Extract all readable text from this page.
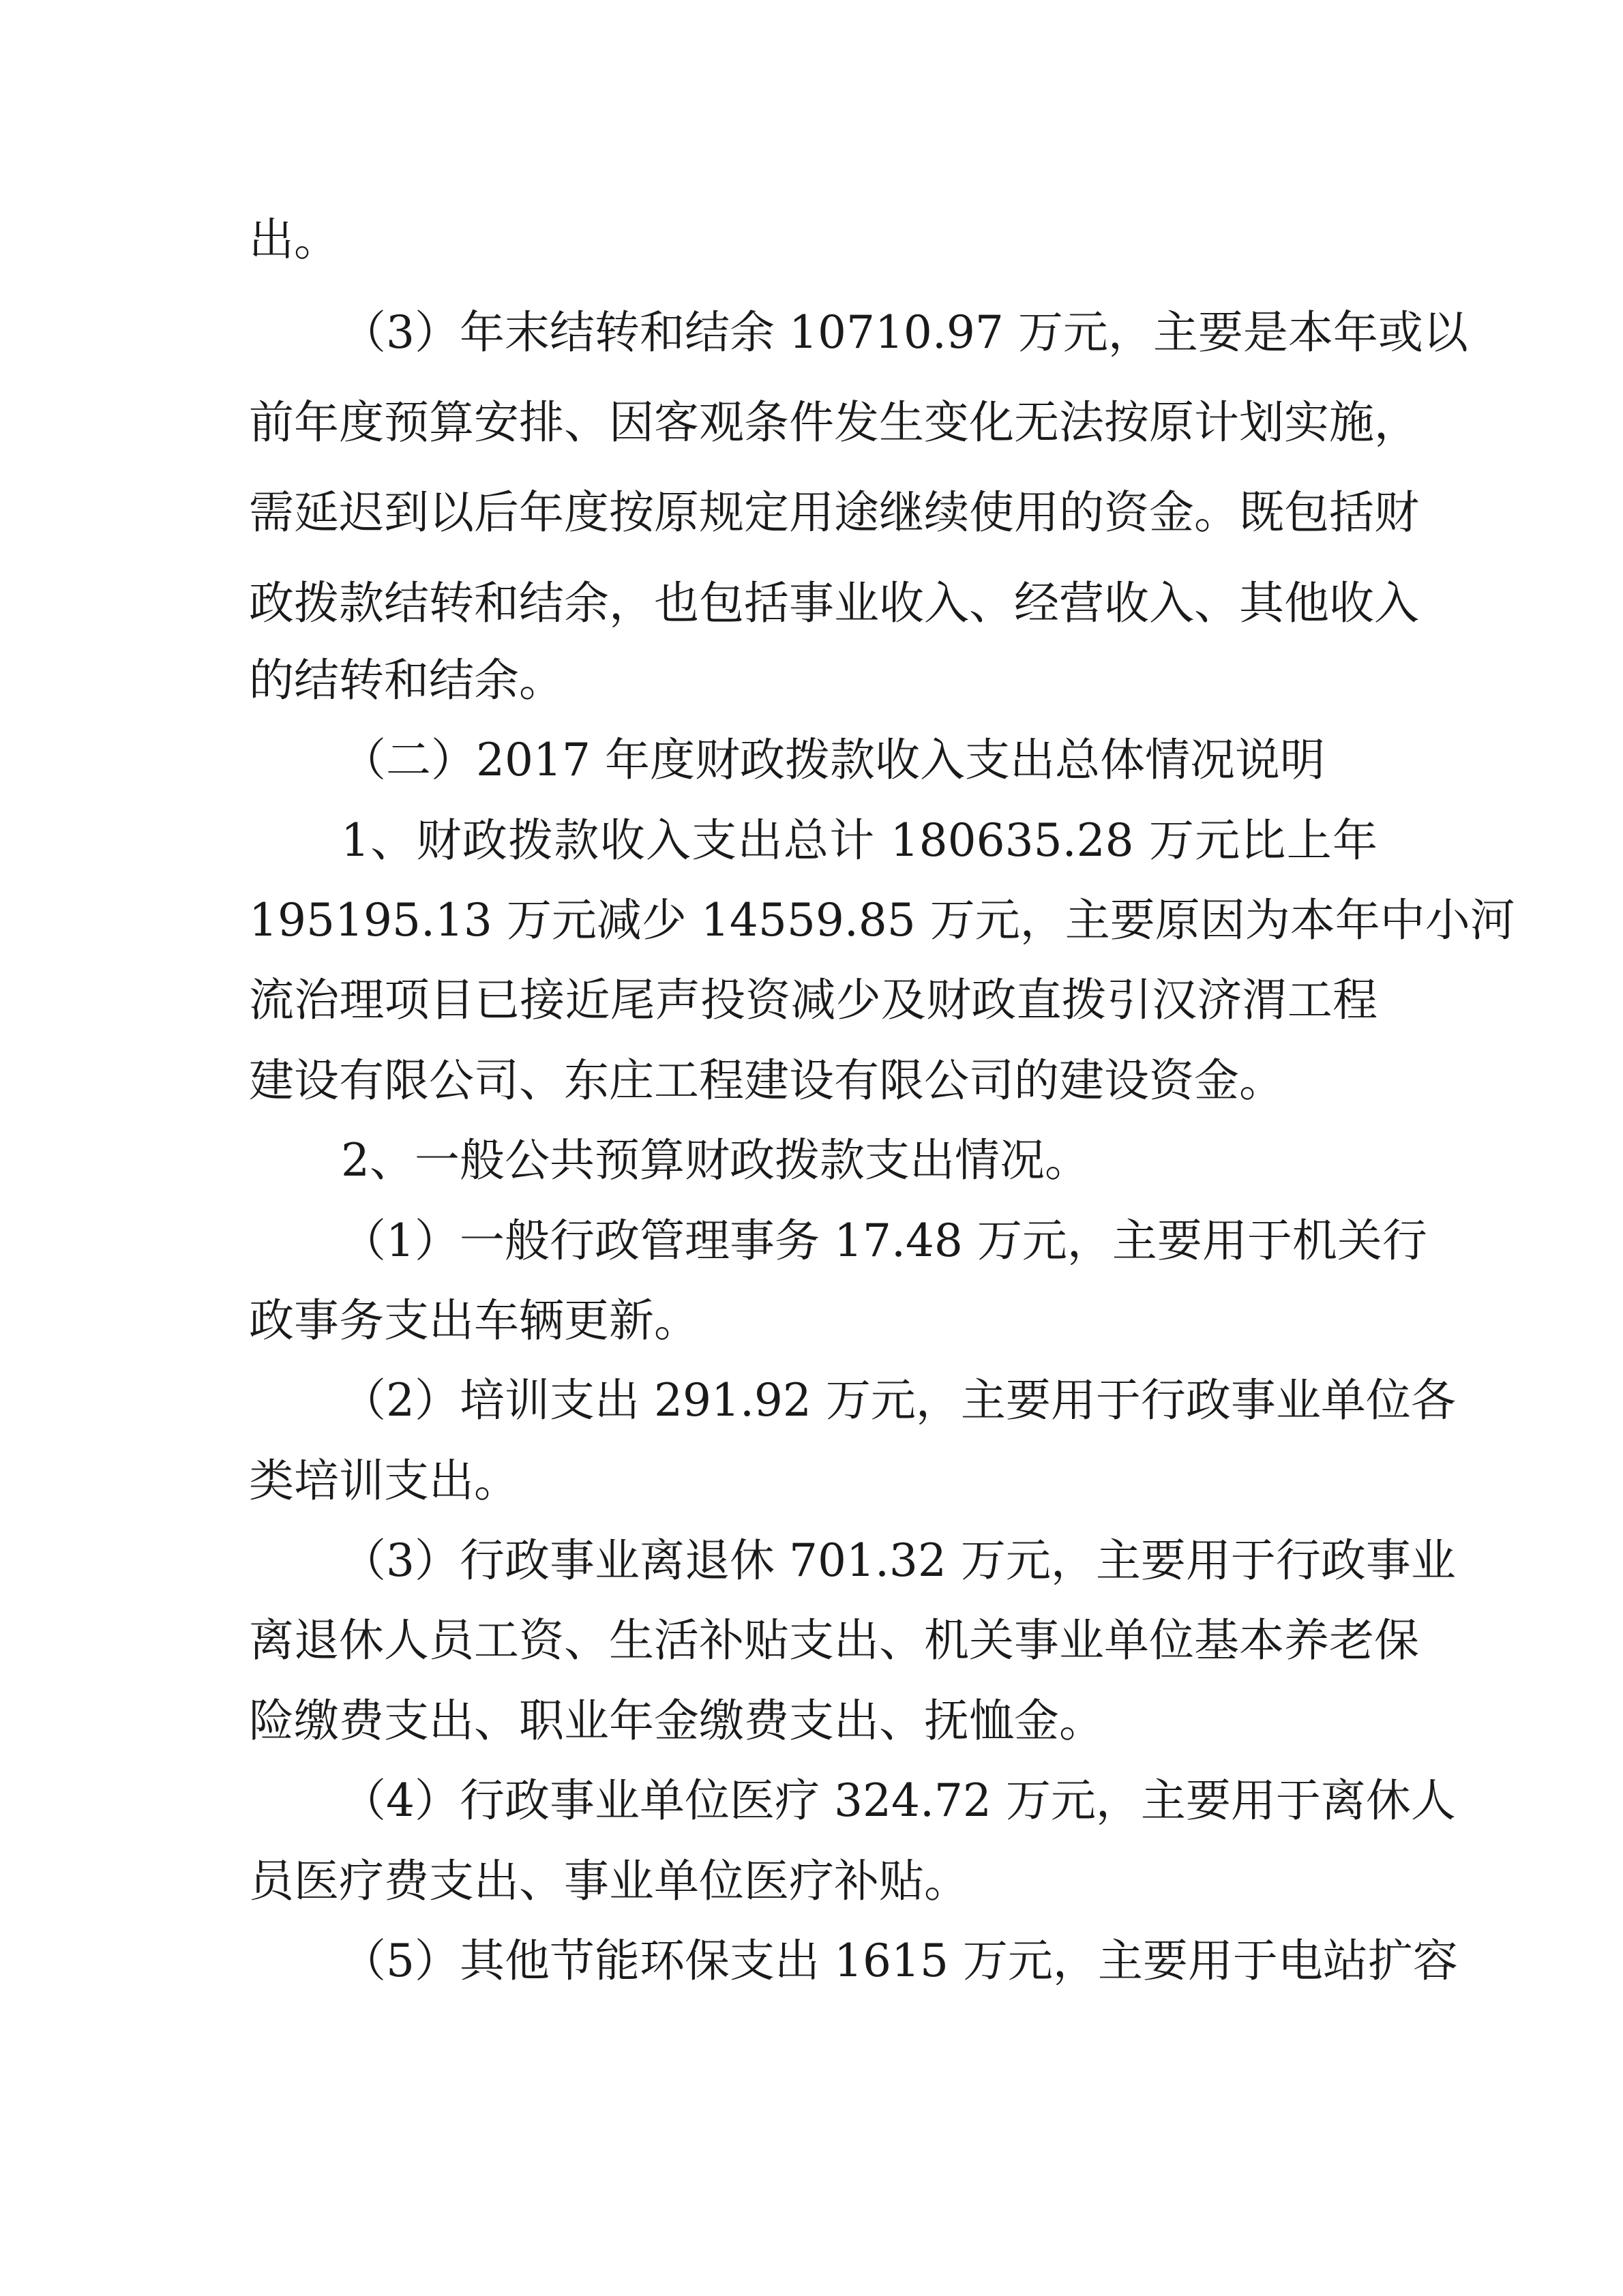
出。

（3）年末结转和结余 10710.97 万元，主要是本年或以

前年度预算安排、因客观条件发生变化无法按原计划实施，

需延迟到以后年度按原规定用途继续使用的资金。既包括财

政拨款结转和结余，也包括事业收入、经营收入、其他收入

的结转和结余。

（二）2017 年度财政拨款收入支出总体情况说明

1、财政拨款收入支出总计 180635.28 万元比上年

195195.13 万元减少 14559.85 万元，主要原因为本年中小河

流治理项目已接近尾声投资减少及财政直拨引汉济渭工程

建设有限公司、东庄工程建设有限公司的建设资金。

2、一般公共预算财政拨款支出情况。

（1）一般行政管理事务 17.48 万元，主要用于机关行

政事务支出车辆更新。

（2）培训支出 291.92 万元，主要用于行政事业单位各

类培训支出。

（3）行政事业离退休 701.32 万元，主要用于行政事业

离退休人员工资、生活补贴支出、机关事业单位基本养老保

险缴费支出、职业年金缴费支出、抚恤金。

（4）行政事业单位医疗 324.72 万元，主要用于离休人

员医疗费支出、事业单位医疗补贴。

（5）其他节能环保支出 1615 万元，主要用于电站扩容
